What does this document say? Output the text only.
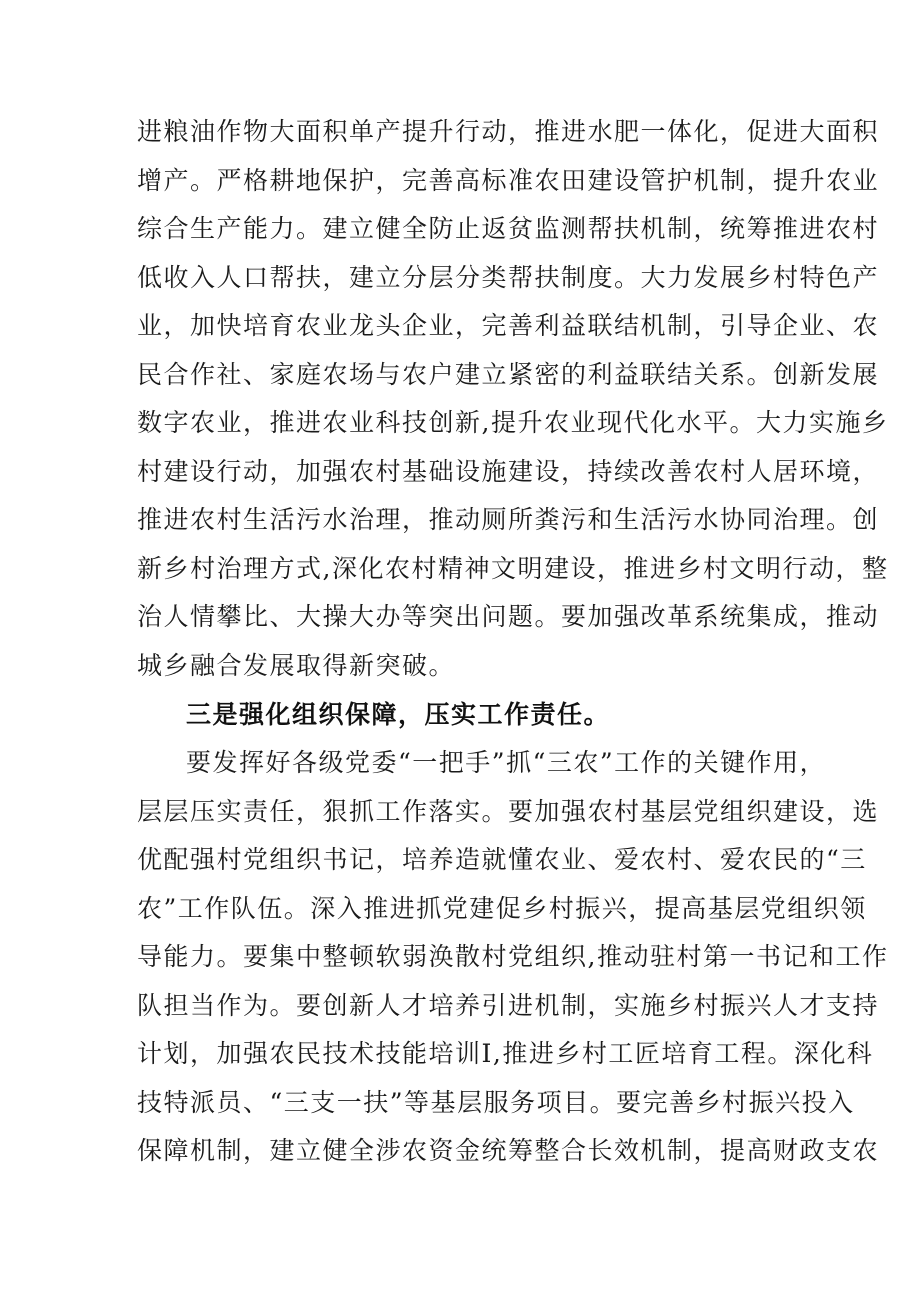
进粮油作物大面积单产提升行动，推进水肥一体化，促进大面积
增产。严格耕地保护，完善高标准农田建设管护机制，提升农业
综合生产能力。建立健全防止返贫监测帮扶机制，统筹推进农村
低收入人口帮扶，建立分层分类帮扶制度。大力发展乡村特色产
业，加快培育农业龙头企业，完善利益联结机制，引导企业、农
民合作社、家庭农场与农户建立紧密的利益联结关系。创新发展
数字农业，推进农业科技创新,提升农业现代化水平。大力实施乡
村建设行动，加强农村基础设施建设，持续改善农村人居环境，
推进农村生活污水治理，推动厕所粪污和生活污水协同治理。创
新乡村治理方式,深化农村精神文明建设，推进乡村文明行动，整
治人情攀比、大操大办等突出问题。要加强改革系统集成，推动
城乡融合发展取得新突破。
三是强化组织保障，压实工作责任。
要发挥好各级党委“一把手”抓“三农”工作的关键作用，
层层压实责任，狠抓工作落实。要加强农村基层党组织建设，选
优配强村党组织书记，培养造就懂农业、爱农村、爱农民的“三
农”工作队伍。深入推进抓党建促乡村振兴，提高基层党组织领
导能力。要集中整顿软弱涣散村党组织,推动驻村第一书记和工作
队担当作为。要创新人才培养引进机制，实施乡村振兴人才支持
计划，加强农民技术技能培训I,推进乡村工匠培育工程。深化科
技特派员、“三支一扶”等基层服务项目。要完善乡村振兴投入
保障机制，建立健全涉农资金统筹整合长效机制，提高财政支农
